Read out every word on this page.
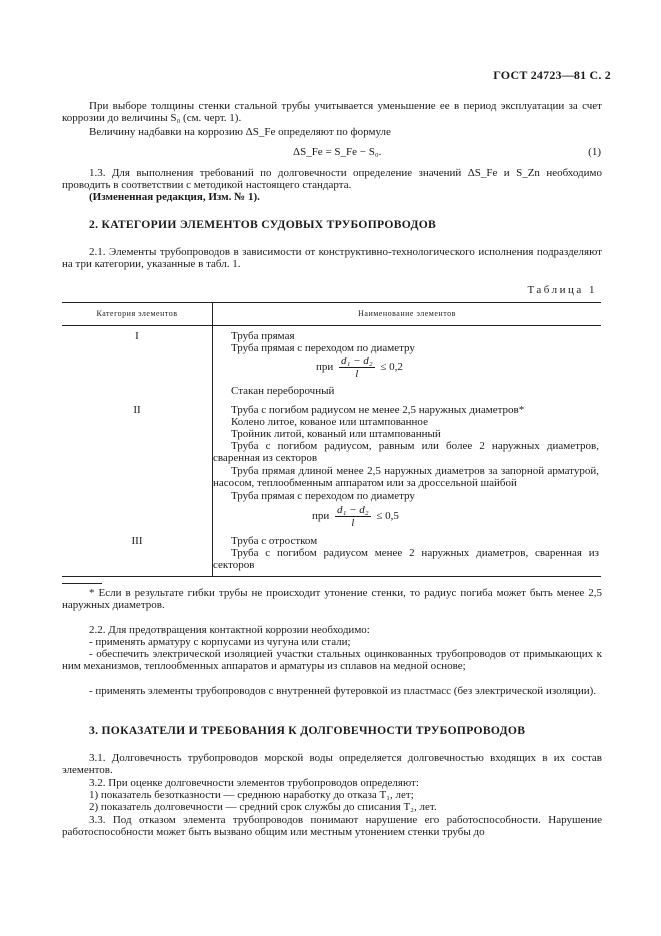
ГОСТ 24723—81 С. 2
При выборе толщины стенки стальной трубы учитывается уменьшение ее в период эксплуатации за счет коррозии до величины S₀ (см. черт. 1).
Величину надбавки на коррозию ΔS_Fe определяют по формуле
ΔS_Fe = S_Fe − S₀.	(1)
1.3. Для выполнения требований по долговечности определение значений ΔS_Fe и S_Zn необходимо проводить в соответствии с методикой настоящего стандарта.
(Измененная редакция, Изм. № 1).
2. КАТЕГОРИИ ЭЛЕМЕНТОВ СУДОВЫХ ТРУБОПРОВОДОВ
2.1. Элементы трубопроводов в зависимости от конструктивно-технологического исполнения подразделяют на три категории, указанные в табл. 1.
Таблица 1
Категория элементов	Наименование элементов
I	Труба прямая
Труба прямая с переходом по диаметру
при $\frac{\text{d₁ − d₂}}{l} \le 0,2$
Стакан переборочный
II	Труба с погибом радиусом не менее 2,5 наружных диаметров*
Колено литое, кованое или штампованное
Тройник литой, кованый или штампованный
Труба с погибом радиусом, равным или более 2 наружных диаметров, сваренная из секторов
Труба прямая длиной менее 2,5 наружных диаметров за запорной арматурой, насосом, теплообменным аппаратом или за дроссельной шайбой
Труба прямая с переходом по диаметру
при $\frac{\text{d₁ − d₂}}{l} \le 0,5$
III	Труба с отростком
Труба с погибом радиусом менее 2 наружных диаметров, сваренная из секторов
* Если в результате гибки трубы не происходит утонение стенки, то радиус погиба может быть менее 2,5 наружных диаметров.
2.2. Для предотвращения контактной коррозии необходимо:
- применять арматуру с корпусами из чугуна или стали;
- обеспечить электрической изоляцией участки стальных оцинкованных трубопроводов от примыкающих к ним механизмов, теплообменных аппаратов и арматуры из сплавов на медной основе;
- применять элементы трубопроводов с внутренней футеровкой из пластмасс (без электрической изоляции).
3. ПОКАЗАТЕЛИ И ТРЕБОВАНИЯ К ДОЛГОВЕЧНОСТИ ТРУБОПРОВОДОВ
3.1. Долговечность трубопроводов морской воды определяется долговечностью входящих в их состав элементов.
3.2. При оценке долговечности элементов трубопроводов определяют:
1) показатель безотказности — среднюю наработку до отказа T₁, лет;
2) показатель долговечности — средний срок службы до списания T₂, лет.
3.3. Под отказом элемента трубопроводов понимают нарушение его работоспособности. Нарушение работоспособности может быть вызвано общим или местным утонением стенки трубы до
